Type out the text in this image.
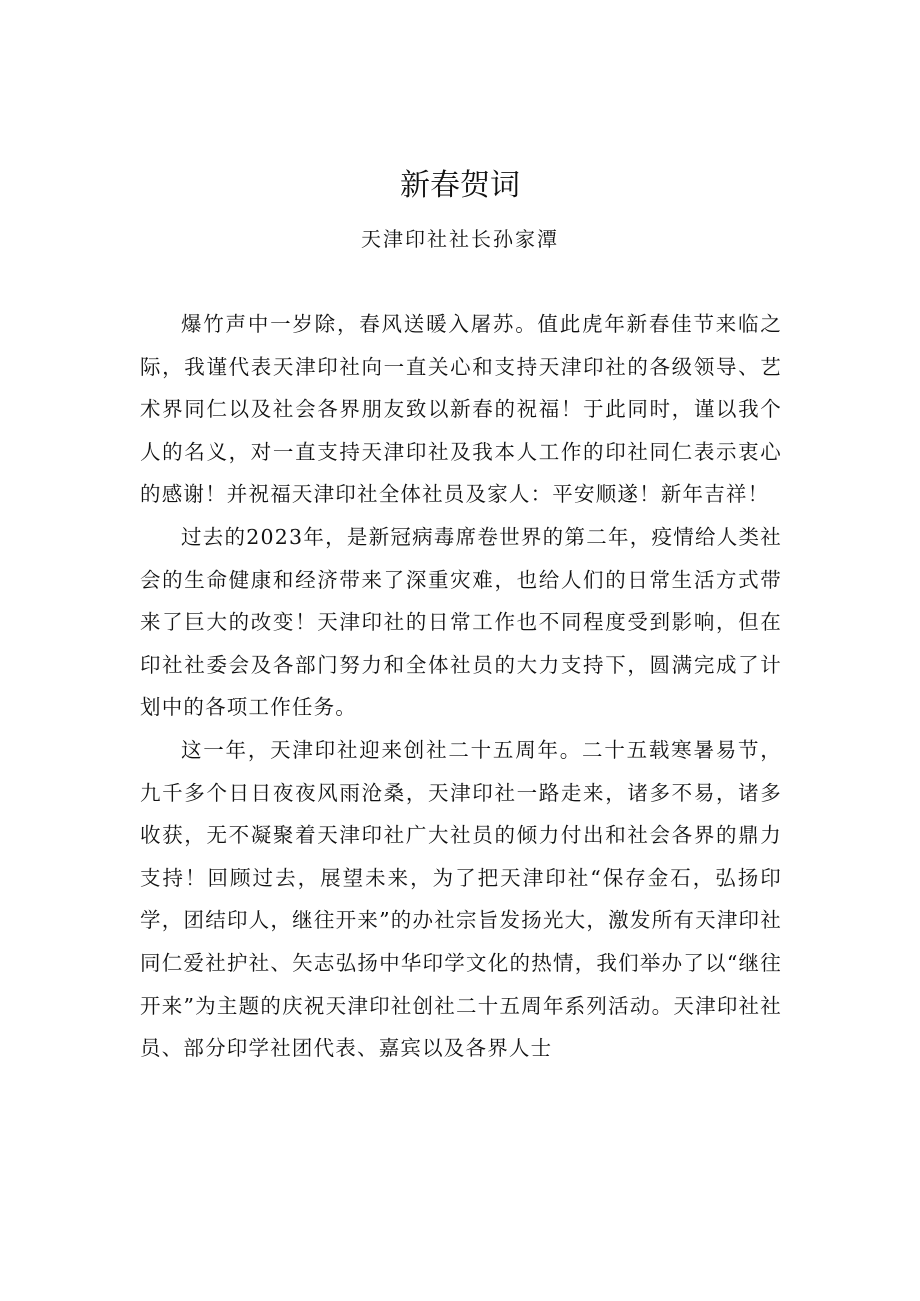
新春贺词
天津印社社长孙家潭

爆竹声中一岁除，春风送暖入屠苏。值此虎年新春佳节来临之际，我谨代表天津印社向一直关心和支持天津印社的各级领导、艺术界同仁以及社会各界朋友致以新春的祝福！于此同时，谨以我个人的名义，对一直支持天津印社及我本人工作的印社同仁表示衷心的感谢！并祝福天津印社全体社员及家人：平安顺遂！新年吉祥！

过去的2023年，是新冠病毒席卷世界的第二年，疫情给人类社会的生命健康和经济带来了深重灾难，也给人们的日常生活方式带来了巨大的改变！天津印社的日常工作也不同程度受到影响，但在印社社委会及各部门努力和全体社员的大力支持下，圆满完成了计划中的各项工作任务。

这一年，天津印社迎来创社二十五周年。二十五载寒暑易节，九千多个日日夜夜风雨沧桑，天津印社一路走来，诸多不易，诸多收获，无不凝聚着天津印社广大社员的倾力付出和社会各界的鼎力支持！回顾过去，展望未来，为了把天津印社“保存金石，弘扬印学，团结印人，继往开来”的办社宗旨发扬光大，激发所有天津印社同仁爱社护社、矢志弘扬中华印学文化的热情，我们举办了以“继往开来”为主题的庆祝天津印社创社二十五周年系列活动。天津印社社员、部分印学社团代表、嘉宾以及各界人士
